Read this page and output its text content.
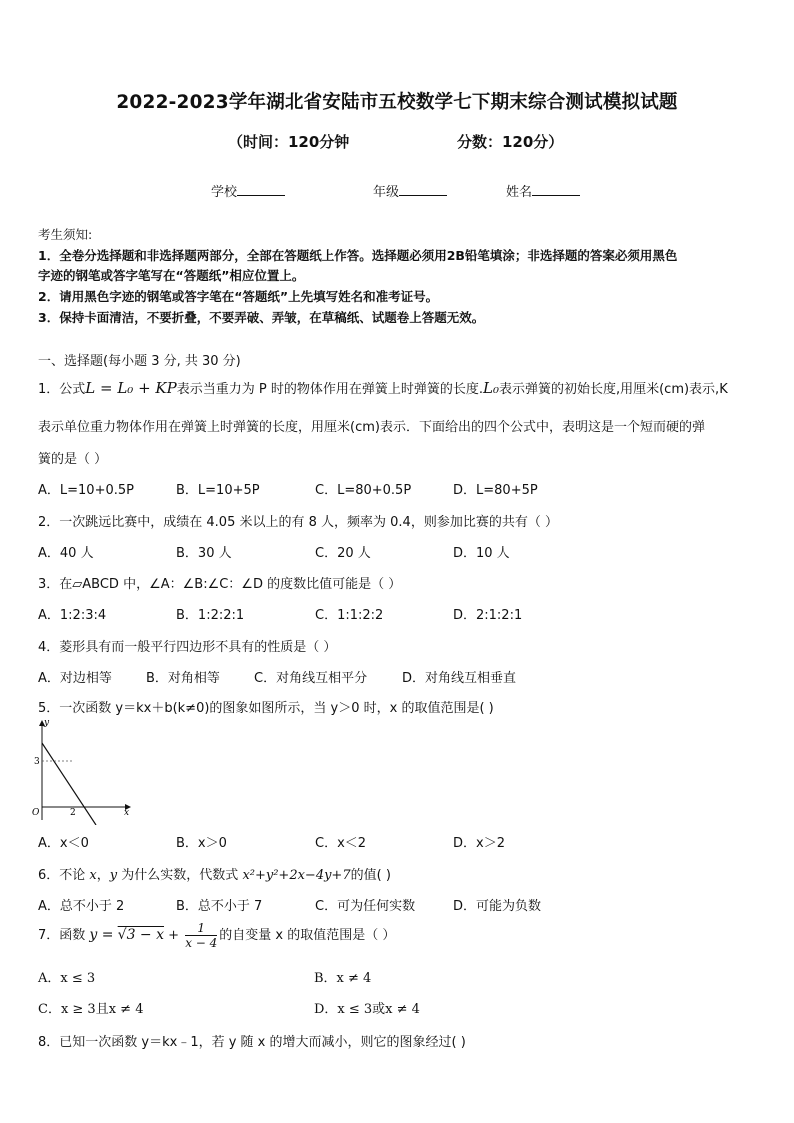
2022-2023学年湖北省安陆市五校数学七下期末综合测试模拟试题
（时间：120分钟	分数：120分）
学校	年级	姓名
考生须知:
1．全卷分选择题和非选择题两部分，全部在答题纸上作答。选择题必须用2B铅笔填涂；非选择题的答案必须用黑色
字迹的钢笔或答字笔写在“答题纸”相应位置上。
2．请用黑色字迹的钢笔或答字笔在“答题纸”上先填写姓名和准考证号。
3．保持卡面清洁，不要折叠，不要弄破、弄皱，在草稿纸、试题卷上答题无效。
一、选择题(每小题 3 分, 共 30 分)
1．公式L = L₀ + KP表示当重力为 P 时的物体作用在弹簧上时弹簧的长度.L₀表示弹簧的初始长度,用厘米(cm)表示,K
表示单位重力物体作用在弹簧上时弹簧的长度，用厘米(cm)表示．下面给出的四个公式中，表明这是一个短而硬的弹
簧的是（ ）
A．L=10+0.5P	B．L=10+5P	C．L=80+0.5P	D．L=80+5P
2．一次跳远比赛中，成绩在 4.05 米以上的有 8 人，频率为 0.4，则参加比赛的共有（ ）
A．40 人	B．30 人	C．20 人	D．10 人
3．在▱ABCD 中，∠A：∠B:∠C：∠D 的度数比值可能是（ ）
A．1:2:3:4	B．1:2:2:1	C．1:1:2:2	D．2:1:2:1
4．菱形具有而一般平行四边形不具有的性质是（ ）
A．对边相等	B．对角相等	C．对角线互相平分	D．对角线互相垂直
5．一次函数 y＝kx＋b(k≠0)的图象如图所示，当 y＞0 时，x 的取值范围是( )
y
x
O
3
2
A．x＜0	B．x＞0	C．x＜2	D．x＞2
6．不论 x，y 为什么实数，代数式 x²+y²+2x−4y+7的值( )
A．总不小于 2	B．总不小于 7	C．可为任何实数	D．可能为负数
7．函数 $y = √3 - x + \frac{1}{x - 4}$ 的自变量 x 的取值范围是（ ）
A．x ≤ 3	B．x ≠ 4
C．x ≥ 3且x ≠ 4	D．x ≤ 3或x ≠ 4
8．已知一次函数 y＝kx﹣1，若 y 随 x 的增大而减小，则它的图象经过( )
